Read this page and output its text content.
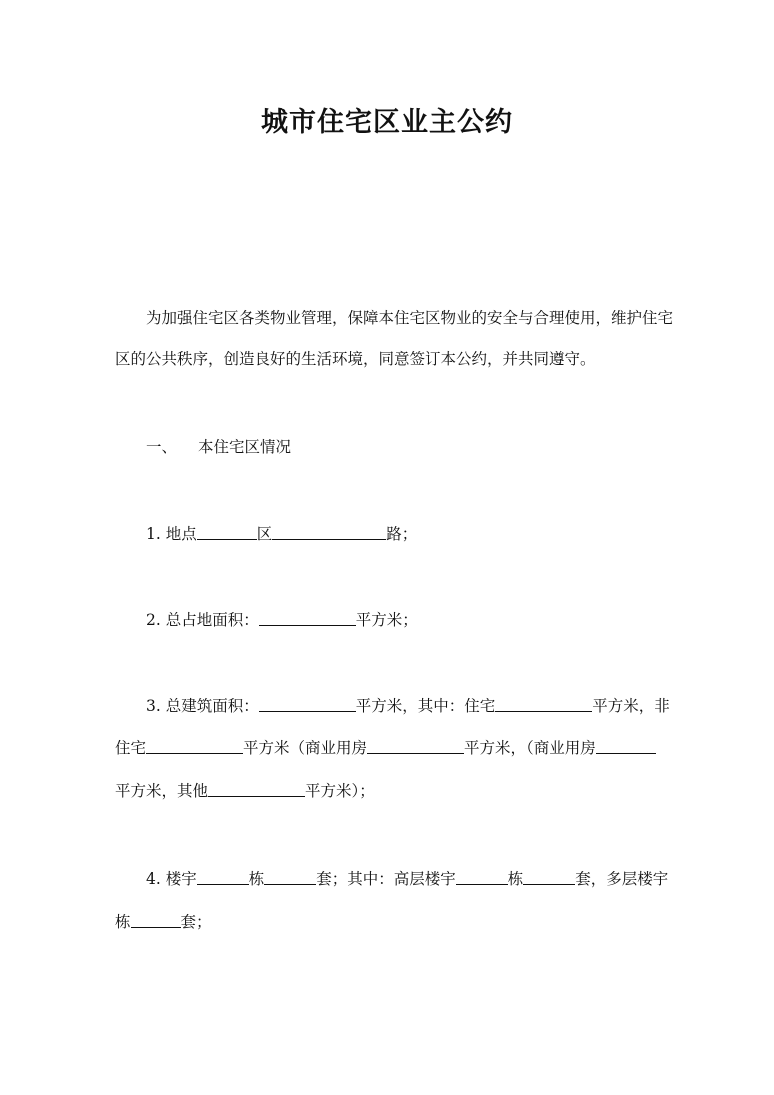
城市住宅区业主公约
为加强住宅区各类物业管理，保障本住宅区物业的安全与合理使用，维护住宅
区的公共秩序，创造良好的生活环境，同意签订本公约，并共同遵守。
一、 本住宅区情况
1. 地点	区	路；
2. 总占地面积：	平方米；
3. 总建筑面积：	平方米，其中：住宅	平方米，非
住宅	平方米（商业用房	平方米，（商业用房
平方米，其他	平方米）；
4. 楼宇	栋	套；其中：高层楼宇	栋	套，多层楼宇
栋	套；
